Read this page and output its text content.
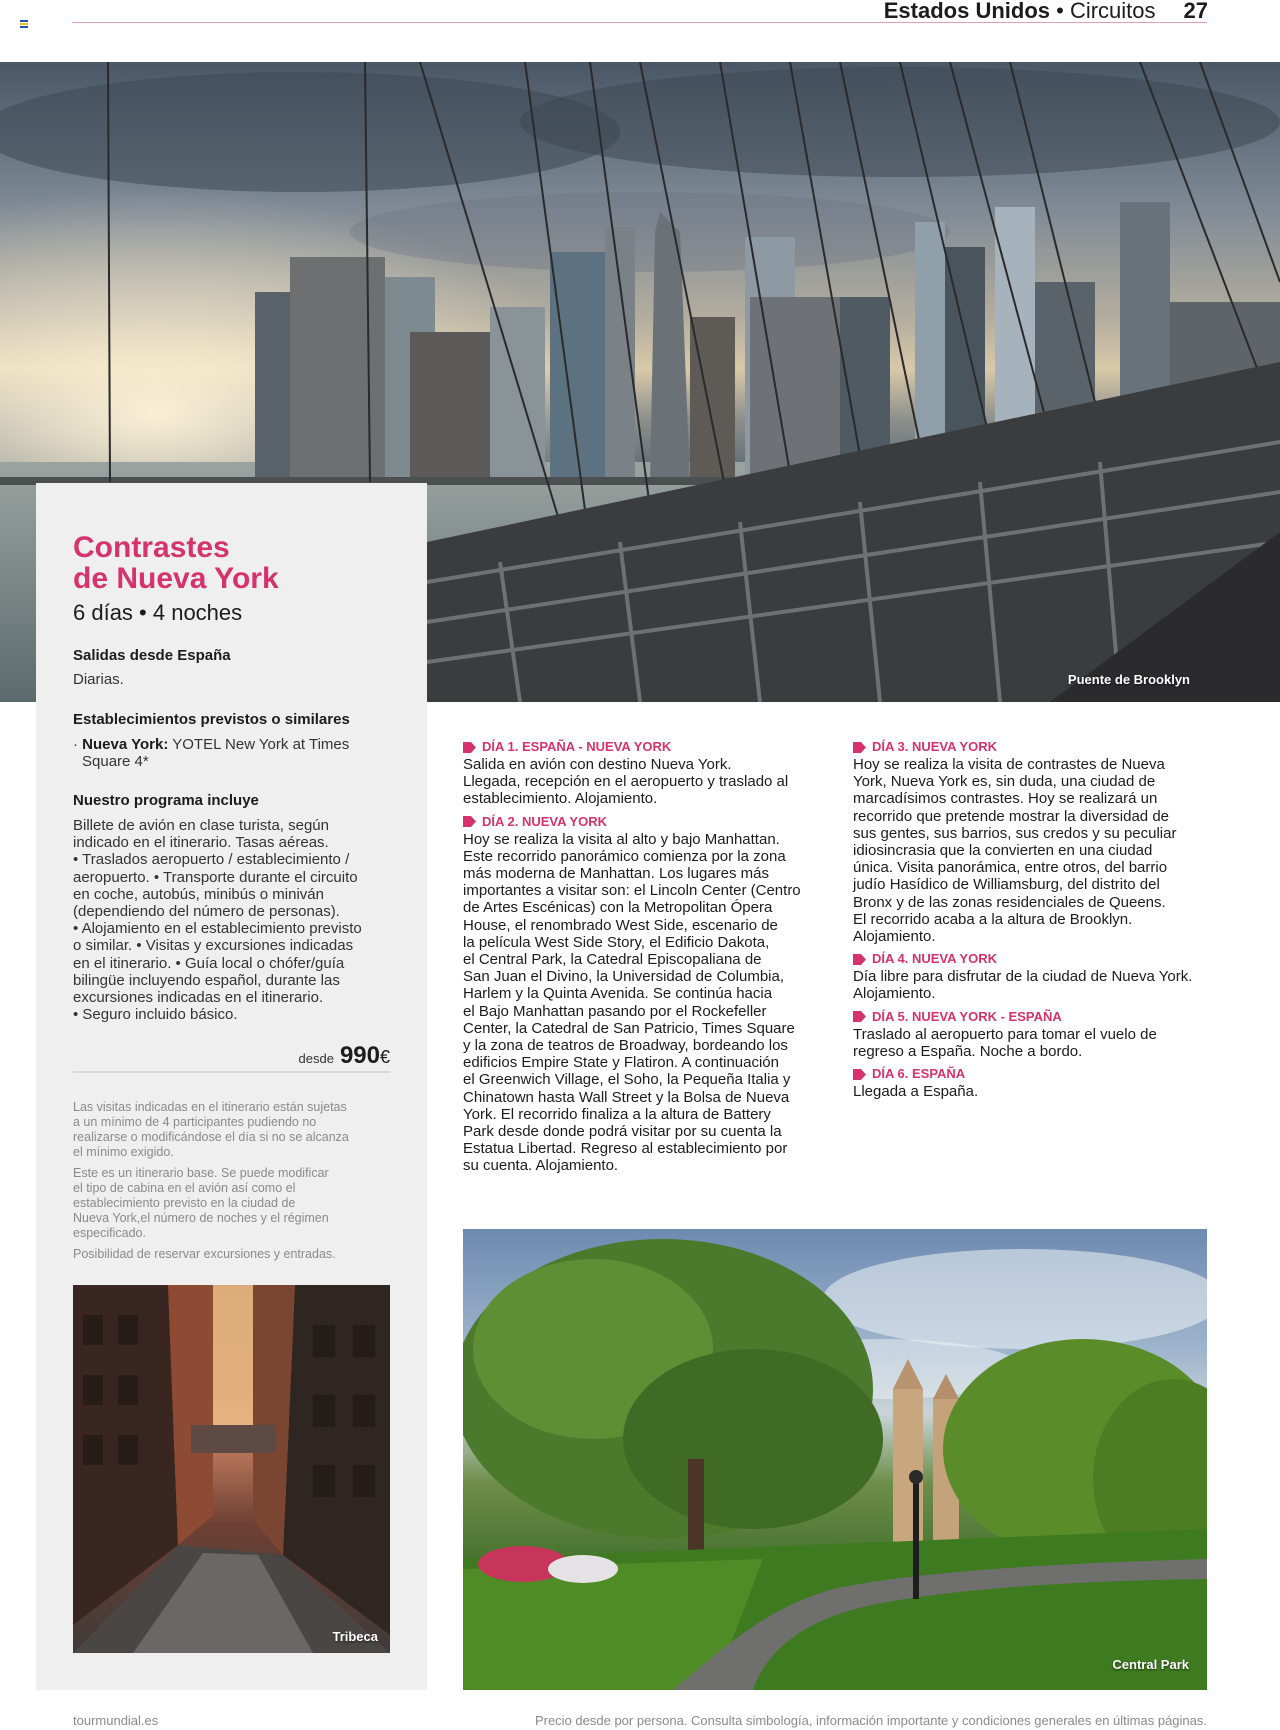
Estados Unidos • Circuitos 27
Puente de Brooklyn
Contrastes
de Nueva York
6 días • 4 noches
Salidas desde España
Diarias.
Establecimientos previstos o similares
· Nueva York: YOTEL New York at Times
Square 4*
Nuestro programa incluye
Billete de avión en clase turista, según
indicado en el itinerario. Tasas aéreas.
• Traslados aeropuerto / establecimiento /
aeropuerto. • Transporte durante el circuito
en coche, autobús, minibús o miniván
(dependiendo del número de personas).
• Alojamiento en el establecimiento previsto
o similar. • Visitas y excursiones indicadas
en el itinerario. • Guía local o chófer/guía
bilingüe incluyendo español, durante las
excursiones indicadas en el itinerario.
• Seguro incluido básico.
desde 990€
Las visitas indicadas en el itinerario están sujetas
a un mínimo de 4 participantes pudiendo no
realizarse o modificándose el día si no se alcanza
el mínimo exigido.
Este es un itinerario base. Se puede modificar
el tipo de cabina en el avión así como el
establecimiento previsto en la ciudad de
Nueva York,el número de noches y el régimen
especificado.
Posibilidad de reservar excursiones y entradas.
Tribeca
DÍA 1. ESPAÑA - NUEVA YORK
Salida en avión con destino Nueva York.
Llegada, recepción en el aeropuerto y traslado al
establecimiento. Alojamiento.
DÍA 2. NUEVA YORK
Hoy se realiza la visita al alto y bajo Manhattan.
Este recorrido panorámico comienza por la zona
más moderna de Manhattan. Los lugares más
importantes a visitar son: el Lincoln Center (Centro
de Artes Escénicas) con la Metropolitan Ópera
House, el renombrado West Side, escenario de
la película West Side Story, el Edificio Dakota,
el Central Park, la Catedral Episcopaliana de
San Juan el Divino, la Universidad de Columbia,
Harlem y la Quinta Avenida. Se continúa hacia
el Bajo Manhattan pasando por el Rockefeller
Center, la Catedral de San Patricio, Times Square
y la zona de teatros de Broadway, bordeando los
edificios Empire State y Flatiron. A continuación
el Greenwich Village, el Soho, la Pequeña Italia y
Chinatown hasta Wall Street y la Bolsa de Nueva
York. El recorrido finaliza a la altura de Battery
Park desde donde podrá visitar por su cuenta la
Estatua Libertad. Regreso al establecimiento por
su cuenta. Alojamiento.
DÍA 3. NUEVA YORK
Hoy se realiza la visita de contrastes de Nueva
York, Nueva York es, sin duda, una ciudad de
marcadísimos contrastes. Hoy se realizará un
recorrido que pretende mostrar la diversidad de
sus gentes, sus barrios, sus credos y su peculiar
idiosincrasia que la convierten en una ciudad
única. Visita panorámica, entre otros, del barrio
judío Hasídico de Williamsburg, del distrito del
Bronx y de las zonas residenciales de Queens.
El recorrido acaba a la altura de Brooklyn.
Alojamiento.
DÍA 4. NUEVA YORK
Día libre para disfrutar de la ciudad de Nueva York.
Alojamiento.
DÍA 5. NUEVA YORK - ESPAÑA
Traslado al aeropuerto para tomar el vuelo de
regreso a España. Noche a bordo.
DÍA 6. ESPAÑA
Llegada a España.
Central Park
tourmundial.es	Precio desde por persona. Consulta simbología, información importante y condiciones generales en últimas páginas.
